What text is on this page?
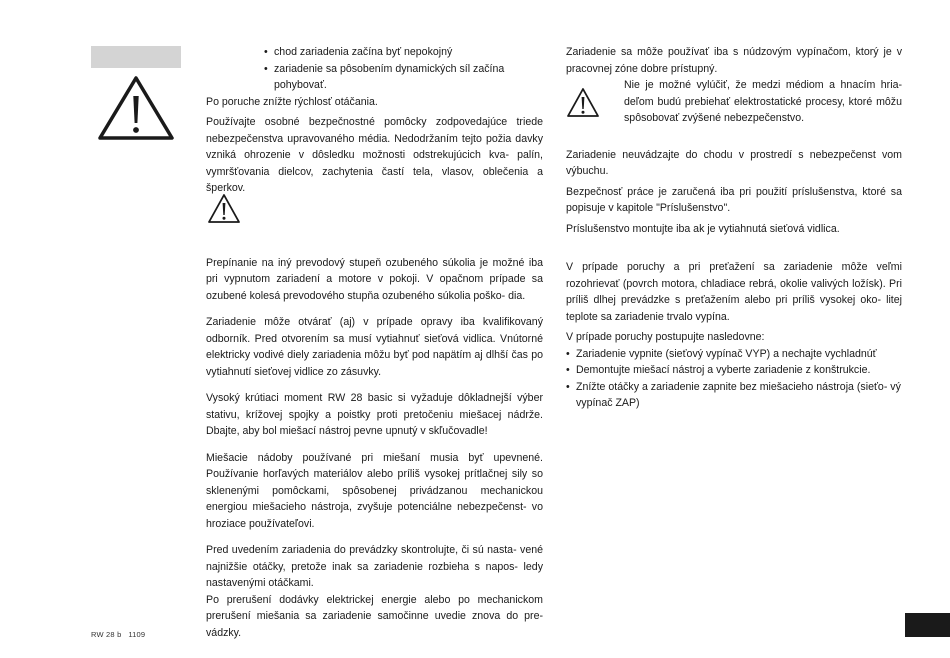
• chod zariadenia začína byť nepokojný
• zariadenie sa pôsobením dynamických síl začína pohybovať.

Po poruche znížte rýchlosť otáčania.

Používajte osobné bezpečnostné pomôcky zodpovedajúce triede nebezpečenstva upravovaného média. Nedodržaním tejto požia davky vzniká ohrozenie v dôsledku možnosti odstrekujúcich kva- palín, vymršťovania dielcov, zachytenia častí tela, vlasov, oblečenia a šperkov.

Prepínanie na iný prevodový stupeň ozubeného súkolia je možné iba pri vypnutom zariadení a motore v pokoji. V opačnom prípade sa ozubené kolesá prevodového stupňa ozubeného súkolia poško- dia.

Zariadenie môže otvárať (aj) v prípade opravy iba kvalifikovaný odborník. Pred otvorením sa musí vytiahnuť sieťová vidlica. Vnútorné elektricky vodivé diely zariadenia môžu byť pod napätím aj dlhší čas po vytiahnutí sieťovej vidlice zo zásuvky.

Vysoký krútiaci moment RW 28 basic si vyžaduje dôkladnejší výber stativu, krížovej spojky a poistky proti pretočeniu miešacej nádrže. Dbajte, aby bol miešací nástroj pevne upnutý v skľučovadle!

Miešacie nádoby používané pri miešaní musia byť upevnené. Používanie horľavých materiálov alebo príliš vysokej prítlačnej sily so sklenenými pomôckami, spôsobenej privádzanou mechanickou energiou miešacieho nástroja, zvyšuje potenciálne nebezpečenst- vo hroziace používateľovi.

Pred uvedením zariadenia do prevádzky skontrolujte, či sú nasta- vené najnižšie otáčky, pretože inak sa zariadenie rozbieha s napos- ledy nastavenými otáčkami.

Po prerušení dodávky elektrickej energie alebo po mechanickom prerušení miešania sa zariadenie samočinne uvedie znova do pre- vádzky.

Zariadenie sa môže používať iba s núdzovým vypínačom, ktorý je v pracovnej zóne dobre prístupný.

Nie je možné vylúčiť, že medzi médiom a hnacím hria- deľom budú prebiehať elektrostatické procesy, ktoré môžu spôsobovať zvýšené nebezpečenstvo.

Zariadenie neuvádzajte do chodu v prostredí s nebezpečenst vom výbuchu.

Bezpečnosť práce je zaručená iba pri použití príslušenstva, ktoré sa popisuje v kapitole "Príslušenstvo".

Príslušenstvo montujte iba ak je vytiahnutá sieťová vidlica.

V prípade poruchy a pri preťažení sa zariadenie môže veľmi rozohrievať (povrch motora, chladiace rebrá, okolie valivých ložísk). Pri príliš dlhej prevádzke s preťažením alebo pri príliš vysokej oko- litej teplote sa zariadenie trvalo vypína.

V prípade poruchy postupujte nasledovne:

• Zariadenie vypnite (sieťový vypínač VYP) a nechajte vychladnúť
• Demontujte miešací nástroj a vyberte zariadenie z konštrukcie.
• Znížte otáčky a zariadenie zapnite bez miešacieho nástroja (sieťo- vý vypínač ZAP)
RW 28 b 1109
